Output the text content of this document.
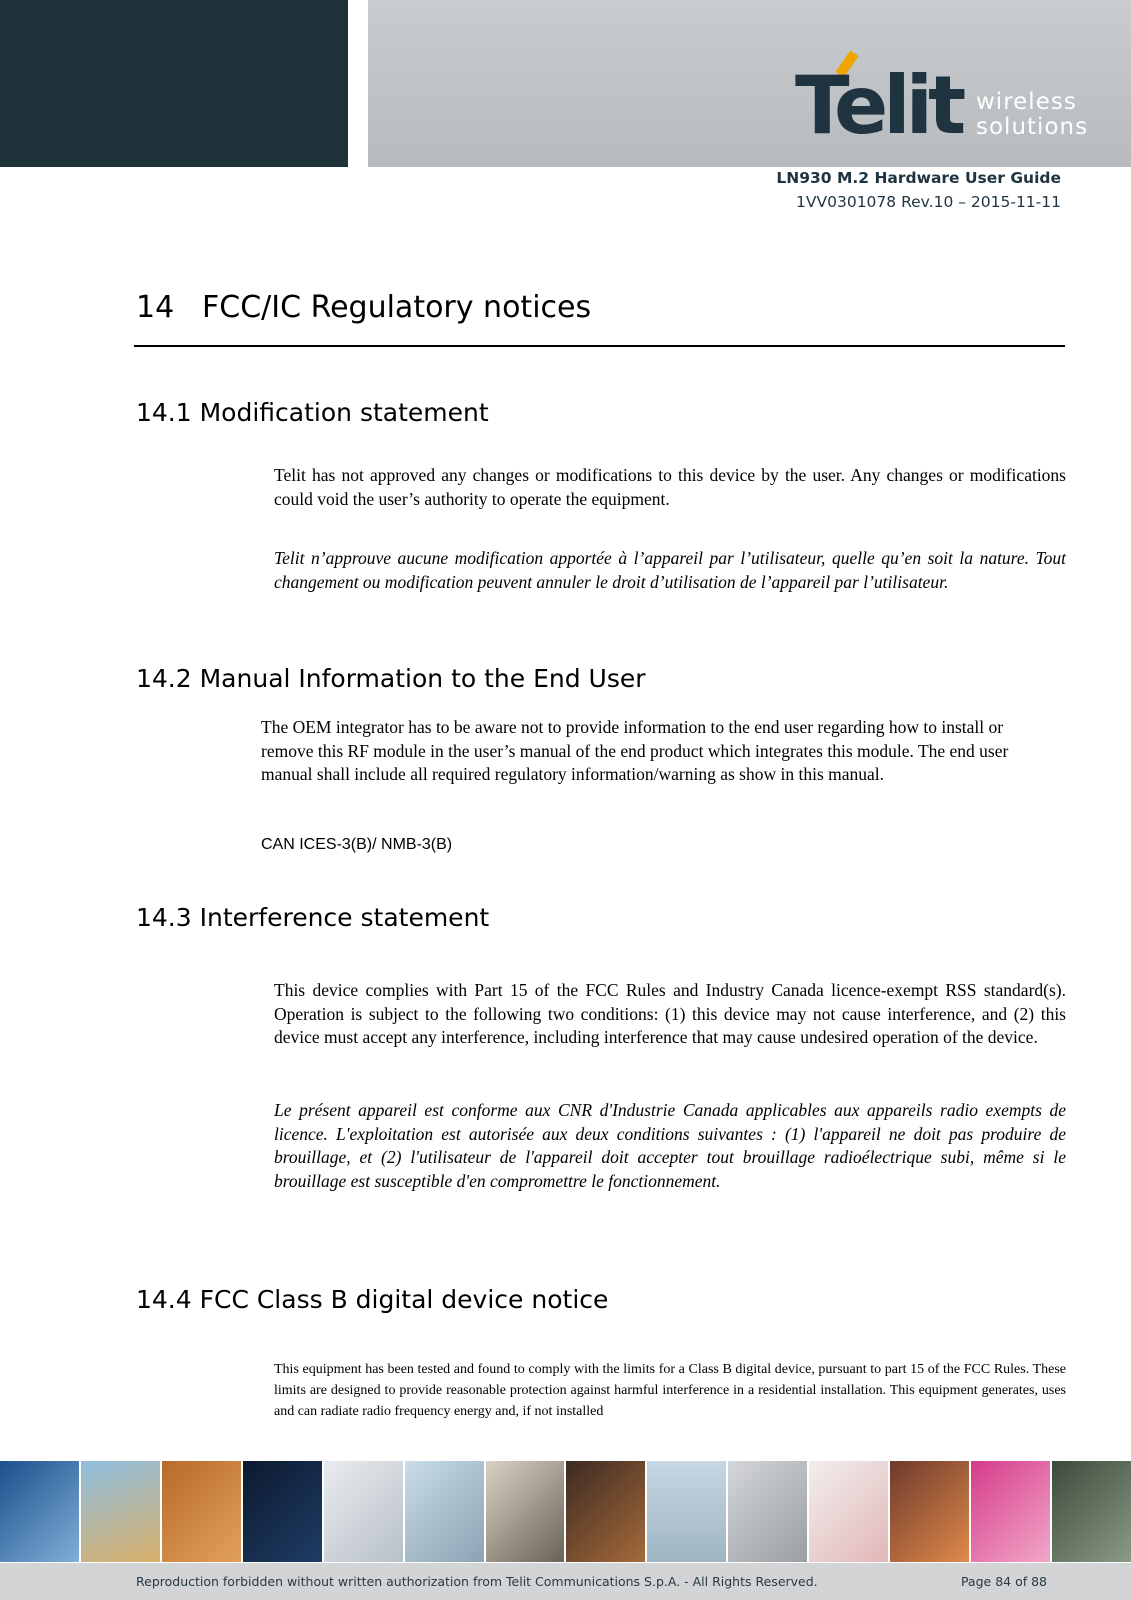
Telit wireless
solutions
LN930 M.2 Hardware User Guide
1VV0301078 Rev.10 – 2015-11-11
14 FCC/IC Regulatory notices
14.1 Modification statement
Telit has not approved any changes or modifications to this device by the user. Any changes or modifications could void the user’s authority to operate the equipment.
Telit n’approuve aucune modification apportée à l’appareil par l’utilisateur, quelle qu’en soit la nature. Tout changement ou modification peuvent annuler le droit d’utilisation de l’appareil par l’utilisateur.
14.2 Manual Information to the End User
The OEM integrator has to be aware not to provide information to the end user regarding how to install or remove this RF module in the user’s manual of the end product which integrates this module. The end user manual shall include all required regulatory information/warning as show in this manual.
CAN ICES-3(B)/ NMB-3(B)
14.3 Interference statement
This device complies with Part 15 of the FCC Rules and Industry Canada licence-exempt RSS standard(s). Operation is subject to the following two conditions: (1) this device may not cause interference, and (2) this device must accept any interference, including interference that may cause undesired operation of the device.
Le présent appareil est conforme aux CNR d'Industrie Canada applicables aux appareils radio exempts de licence. L'exploitation est autorisée aux deux conditions suivantes : (1) l'appareil ne doit pas produire de brouillage, et (2) l'utilisateur de l'appareil doit accepter tout brouillage radioélectrique subi, même si le brouillage est susceptible d'en compromettre le fonctionnement.
14.4 FCC Class B digital device notice
This equipment has been tested and found to comply with the limits for a Class B digital device, pursuant to part 15 of the FCC Rules. These limits are designed to provide reasonable protection against harmful interference in a residential installation. This equipment generates, uses and can radiate radio frequency energy and, if not installed
Reproduction forbidden without written authorization from Telit Communications S.p.A. - All Rights Reserved.	Page 84 of 88
